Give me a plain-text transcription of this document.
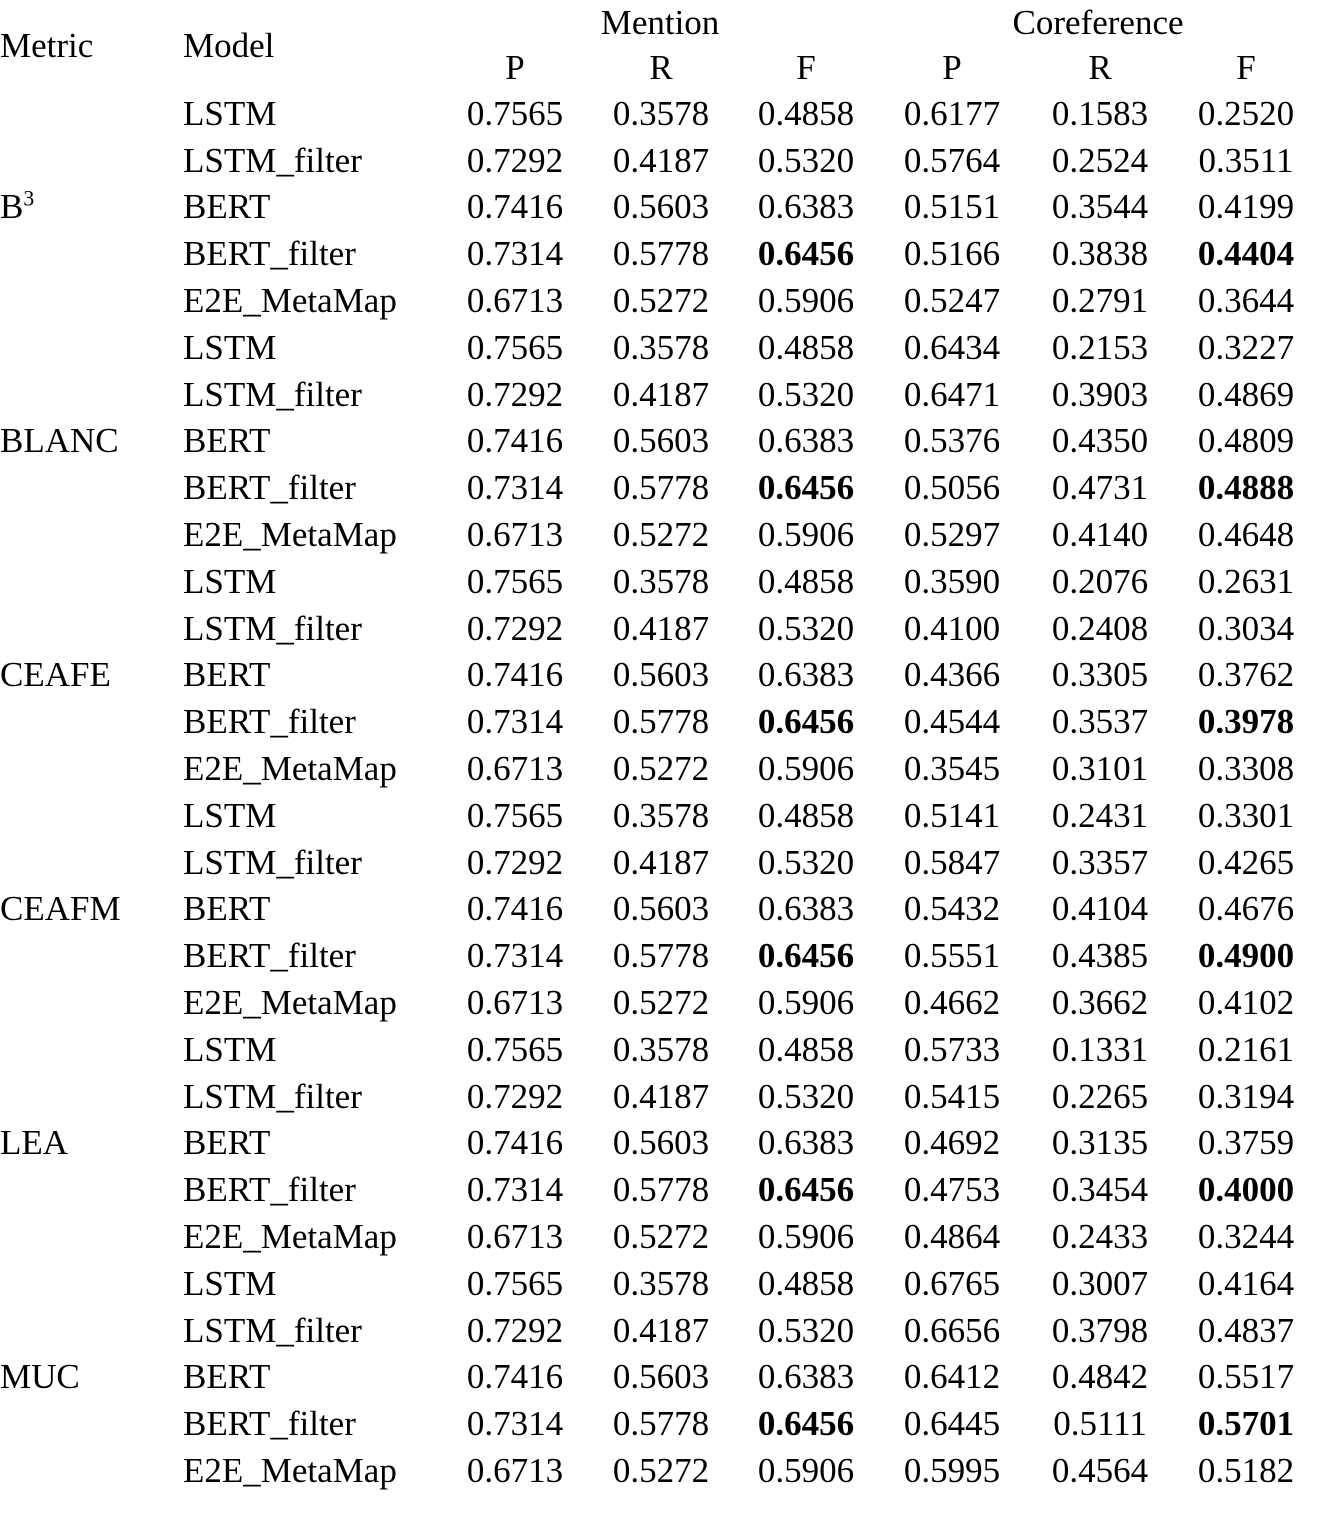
Metric	Model	Mention			Coreference		
		P	R	F	P	R	F
$B^3$	LSTM	0.7565	0.3578	0.4858	0.6177	0.1583	0.2520
	LSTM_filter	0.7292	0.4187	0.5320	0.5764	0.2524	0.3511
	BERT	0.7416	0.5603	0.6383	0.5151	0.3544	0.4199
	BERT_filter	0.7314	0.5778	0.6456	0.5166	0.3838	0.4404
	E2E_MetaMap	0.6713	0.5272	0.5906	0.5247	0.2791	0.3644
BLANC	LSTM	0.7565	0.3578	0.4858	0.6434	0.2153	0.3227
	LSTM_filter	0.7292	0.4187	0.5320	0.6471	0.3903	0.4869
	BERT	0.7416	0.5603	0.6383	0.5376	0.4350	0.4809
	BERT_filter	0.7314	0.5778	0.6456	0.5056	0.4731	0.4888
	E2E_MetaMap	0.6713	0.5272	0.5906	0.5297	0.4140	0.4648
CEAFE	LSTM	0.7565	0.3578	0.4858	0.3590	0.2076	0.2631
	LSTM_filter	0.7292	0.4187	0.5320	0.4100	0.2408	0.3034
	BERT	0.7416	0.5603	0.6383	0.4366	0.3305	0.3762
	BERT_filter	0.7314	0.5778	0.6456	0.4544	0.3537	0.3978
	E2E_MetaMap	0.6713	0.5272	0.5906	0.3545	0.3101	0.3308
CEAFM	LSTM	0.7565	0.3578	0.4858	0.5141	0.2431	0.3301
	LSTM_filter	0.7292	0.4187	0.5320	0.5847	0.3357	0.4265
	BERT	0.7416	0.5603	0.6383	0.5432	0.4104	0.4676
	BERT_filter	0.7314	0.5778	0.6456	0.5551	0.4385	0.4900
	E2E_MetaMap	0.6713	0.5272	0.5906	0.4662	0.3662	0.4102
LEA	LSTM	0.7565	0.3578	0.4858	0.5733	0.1331	0.2161
	LSTM_filter	0.7292	0.4187	0.5320	0.5415	0.2265	0.3194
	BERT	0.7416	0.5603	0.6383	0.4692	0.3135	0.3759
	BERT_filter	0.7314	0.5778	0.6456	0.4753	0.3454	0.4000
	E2E_MetaMap	0.6713	0.5272	0.5906	0.4864	0.2433	0.3244
MUC	LSTM	0.7565	0.3578	0.4858	0.6765	0.3007	0.4164
	LSTM_filter	0.7292	0.4187	0.5320	0.6656	0.3798	0.4837
	BERT	0.7416	0.5603	0.6383	0.6412	0.4842	0.5517
	BERT_filter	0.7314	0.5778	0.6456	0.6445	0.5111	0.5701
	E2E_MetaMap	0.6713	0.5272	0.5906	0.5995	0.4564	0.5182
